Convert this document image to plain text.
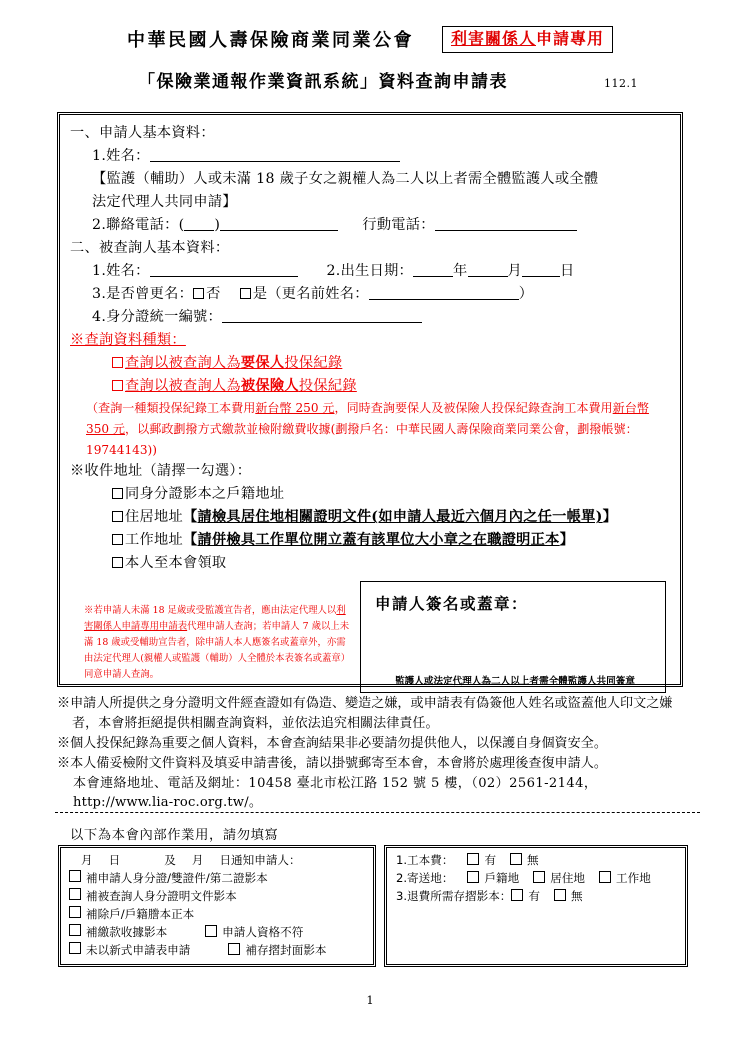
中華民國人壽保險商業同業公會	利害關係人申請專用
「保險業通報作業資訊系統」資料查詢申請表	112.1
一、申請人基本資料：
1.姓名：
【監護（輔助）人或未滿 18 歲子女之親權人為二人以上者需全體監護人或全體
法定代理人共同申請】
2.聯絡電話：( )	行動電話：
二、被查詢人基本資料：
1.姓名：	2.出生日期：	年	月	日
3.是否曾更名： 否 是（更名前姓名：	）
4.身分證統一編號：
※查詢資料種類：
查詢以被查詢人為要保人投保紀錄
查詢以被查詢人為被保險人投保紀錄
（查詢一種類投保紀錄工本費用新台幣 250 元，同時查詢要保人及被保險人投保紀錄查詢工本費用新台幣 350 元，以郵政劃撥方式繳款並檢附繳費收據(劃撥戶名：中華民國人壽保險商業同業公會，劃撥帳號：19744143))
※收件地址（請擇一勾選）：
同身分證影本之戶籍地址
住居地址【請檢具居住地相關證明文件(如申請人最近六個月內之任一帳單)】
工作地址【請併檢具工作單位開立蓋有該單位大小章之在職證明正本】
本人至本會領取
※若申請人未滿 18 足歲或受監護宣告者，應由法定代理人以利害關係人申請專用申請表代理申請人查詢；若申請人 7 歲以上未滿 18 歲或受輔助宣告者，除申請人本人應簽名或蓋章外，亦需由法定代理人(親權人或監護（輔助）人全體於本表簽名或蓋章）同意申請人查詢。
申請人簽名或蓋章：
監護人或法定代理人為二人以上者需全體監護人共同簽章

※申請人所提供之身分證明文件經查證如有偽造、變造之嫌，或申請表有偽簽他人姓名或盜蓋他人印文之嫌者，本會將拒絕提供相關查詢資料，並依法追究相關法律責任。

※個人投保紀錄為重要之個人資料，本會查詢結果非必要請勿提供他人，以保護自身個資安全。

※本人備妥檢附文件資料及填妥申請書後，請以掛號郵寄至本會，本會將於處理後查復申請人。

本會連絡地址、電話及網址：10458 臺北市松江路 152 號 5 樓，（02）2561-2144，

http://www.lia-roc.org.tw/。

以下為本會內部作業用，請勿填寫
月 日	及 月 日通知申請人：
補申請人身分證/雙證件/第二證影本
補被查詢人身分證明文件影本
補除戶/戶籍謄本正本
補繳款收據影本	申請人資格不符
未以新式申請表申請	補存摺封面影本
1.工本費：	有	無
2.寄送地：	戶籍地	居住地	工作地
3.退費所需存摺影本： 有	無
1
